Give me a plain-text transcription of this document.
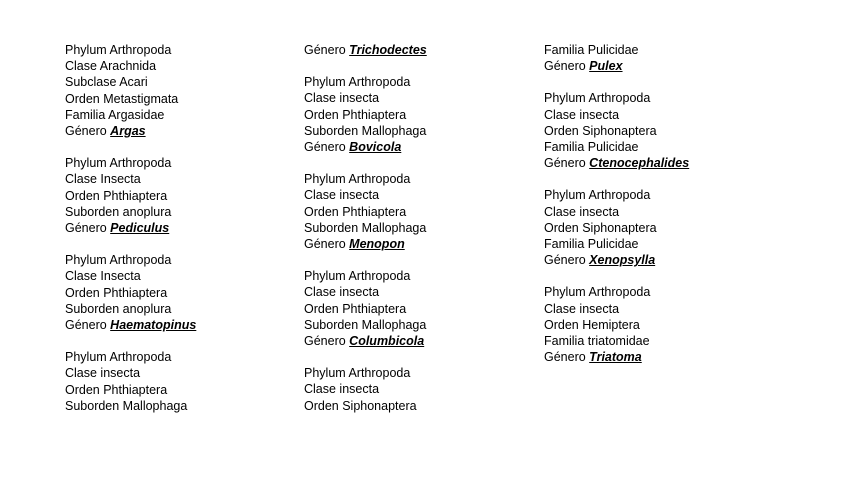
Phylum Arthropoda
Clase Arachnida
Subclase Acari
Orden Metastigmata
Familia Argasidae
Género Argas
Phylum Arthropoda
Clase Insecta
Orden Phthiaptera
Suborden anoplura
Género Pediculus
Phylum Arthropoda
Clase Insecta
Orden Phthiaptera
Suborden anoplura
Género Haematopinus
Phylum Arthropoda
Clase insecta
Orden Phthiaptera
Suborden Mallophaga
Género Trichodectes
Phylum Arthropoda
Clase insecta
Orden Phthiaptera
Suborden Mallophaga
Género Bovicola
Phylum Arthropoda
Clase insecta
Orden Phthiaptera
Suborden Mallophaga
Género Menopon
Phylum Arthropoda
Clase insecta
Orden Phthiaptera
Suborden Mallophaga
Género Columbicola
Phylum Arthropoda
Clase insecta
Orden Siphonaptera
Familia Pulicidae
Género Pulex
Phylum Arthropoda
Clase insecta
Orden Siphonaptera
Familia Pulicidae
Género Ctenocephalides
Phylum Arthropoda
Clase insecta
Orden Siphonaptera
Familia Pulicidae
Género Xenopsylla
Phylum Arthropoda
Clase insecta
Orden Hemiptera
Familia triatomidae
Género Triatoma
